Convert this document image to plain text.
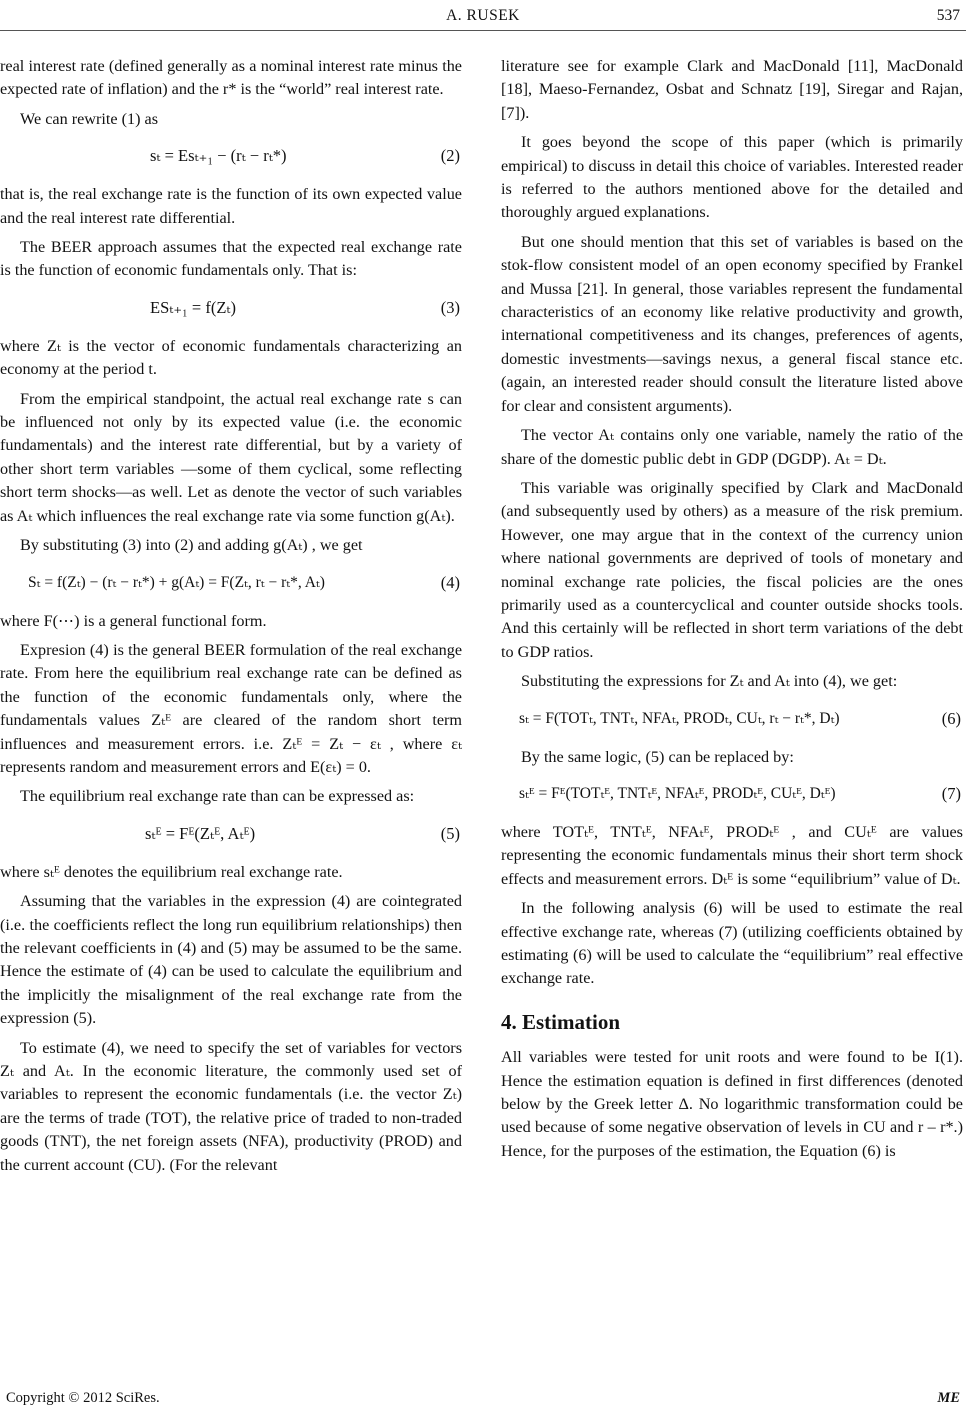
A. RUSEK	537

real interest rate (defined generally as a nominal interest rate minus the expected rate of inflation) and the r* is the “world” real interest rate.

We can rewrite (1) as

sₜ = Esₜ₊₁ − (rₜ − rₜ*)	(2)

that is, the real exchange rate is the function of its own expected value and the real interest rate differential.

The BEER approach assumes that the expected real exchange rate is the function of economic fundamentals only. That is:

ESₜ₊₁ = f(Zₜ)	(3)

where Zₜ is the vector of economic fundamentals characterizing an economy at the period t.

From the empirical standpoint, the actual real exchange rate s can be influenced not only by its expected value (i.e. the economic fundamentals) and the interest rate differential, but by a variety of other short term variables —some of them cyclical, some reflecting short term shocks—as well. Let as denote the vector of such variables as Aₜ which influences the real exchange rate via some function g(Aₜ).

By substituting (3) into (2) and adding g(Aₜ) , we get

Sₜ = f(Zₜ) − (rₜ − rₜ*) + g(Aₜ) = F(Zₜ, rₜ − rₜ*, Aₜ)	(4)

where F(⋯) is a general functional form.

Expresion (4) is the general BEER formulation of the real exchange rate. From here the equilibrium real exchange rate can be defined as the function of the economic fundamentals only, where the fundamentals values Zₜᴱ are cleared of the random short term influences and measurement errors. i.e. Zₜᴱ = Zₜ − εₜ , where εₜ represents random and measurement errors and E(εₜ) = 0.

The equilibrium real exchange rate than can be expressed as:

sₜᴱ = Fᴱ(Zₜᴱ, Aₜᴱ)	(5)

where sₜᴱ denotes the equilibrium real exchange rate.

Assuming that the variables in the expression (4) are cointegrated (i.e. the coefficients reflect the long run equilibrium relationships) then the relevant coefficients in (4) and (5) may be assumed to be the same. Hence the estimate of (4) can be used to calculate the equilibrium and the implicitly the misalignment of the real exchange rate from the expression (5).

To estimate (4), we need to specify the set of variables for vectors Zₜ and Aₜ. In the economic literature, the commonly used set of variables to represent the economic fundamentals (i.e. the vector Zₜ) are the terms of trade (TOT), the relative price of traded to non-traded goods (TNT), the net foreign assets (NFA), productivity (PROD) and the current account (CU). (For the relevant

literature see for example Clark and MacDonald [11], MacDonald [18], Maeso-Fernandez, Osbat and Schnatz [19], Siregar and Rajan, [7]).

It goes beyond the scope of this paper (which is primarily empirical) to discuss in detail this choice of variables. Interested reader is referred to the authors mentioned above for the detailed and thoroughly argued explanations.

But one should mention that this set of variables is based on the stok-flow consistent model of an open economy specified by Frankel and Mussa [21]. In general, those variables represent the fundamental characteristics of an economy like relative productivity and growth, international competitiveness and its changes, preferences of agents, domestic investments—savings nexus, a general fiscal stance etc. (again, an interested reader should consult the literature listed above for clear and consistent arguments).

The vector Aₜ contains only one variable, namely the ratio of the share of the domestic public debt in GDP (DGDP). Aₜ = Dₜ.

This variable was originally specified by Clark and MacDonald (and subsequently used by others) as a measure of the risk premium. However, one may argue that in the context of the currency union where national governments are deprived of tools of monetary and nominal exchange rate policies, the fiscal policies are the ones primarily used as a countercyclical and counter outside shocks tools. And this certainly will be reflected in short term variations of the debt to GDP ratios.

Substituting the expressions for Zₜ and Aₜ into (4), we get:

sₜ = F(TOTₜ, TNTₜ, NFAₜ, PRODₜ, CUₜ, rₜ − rₜ*, Dₜ)	(6)

By the same logic, (5) can be replaced by:

sₜᴱ = Fᴱ(TOTₜᴱ, TNTₜᴱ, NFAₜᴱ, PRODₜᴱ, CUₜᴱ, Dₜᴱ)	(7)

where TOTₜᴱ, TNTₜᴱ, NFAₜᴱ, PRODₜᴱ , and CUₜᴱ are values representing the economic fundamentals minus their short term shock effects and measurement errors. Dₜᴱ is some “equilibrium” value of Dₜ.

In the following analysis (6) will be used to estimate the real effective exchange rate, whereas (7) (utilizing coefficients obtained by estimating (6) will be used to calculate the “equilibrium” real effective exchange rate.

4. Estimation

All variables were tested for unit roots and were found to be I(1). Hence the estimation equation is defined in first differences (denoted below by the Greek letter Δ. No logarithmic transformation could be used because of some negative observation of levels in CU and r – r*.) Hence, for the purposes of the estimation, the Equation (6) is

Copyright © 2012 SciRes.	ME
